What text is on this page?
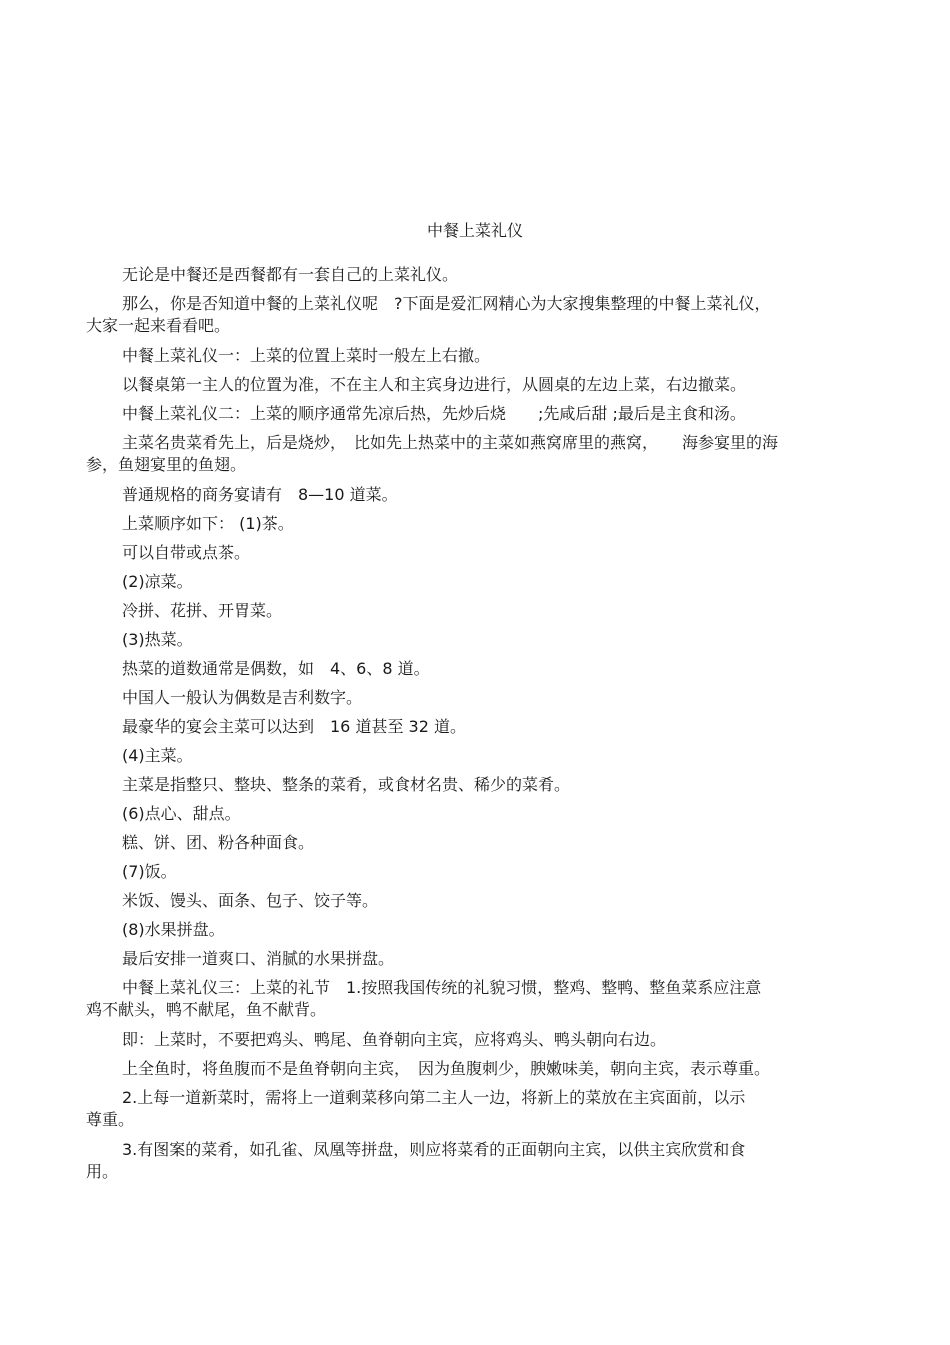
中餐上菜礼仪
无论是中餐还是西餐都有一套自己的上菜礼仪。
那么，你是否知道中餐的上菜礼仪呢　?下面是爱汇网精心为大家搜集整理的中餐上菜礼仪，
大家一起来看看吧。
中餐上菜礼仪一：上菜的位置上菜时一般左上右撤。
以餐桌第一主人的位置为准，不在主人和主宾身边进行，从圆桌的左边上菜，右边撤菜。
中餐上菜礼仪二：上菜的顺序通常先凉后热，先炒后烧　　;先咸后甜 ;最后是主食和汤。
主菜名贵菜肴先上，后是烧炒，　比如先上热菜中的主菜如燕窝席里的燕窝，　　海参宴里的海
参，鱼翅宴里的鱼翅。
普通规格的商务宴请有　8—10 道菜。
上菜顺序如下： (1)茶。
可以自带或点茶。
(2)凉菜。
冷拼、花拼、开胃菜。
(3)热菜。
热菜的道数通常是偶数，如　4、6、8 道。
中国人一般认为偶数是吉利数字。
最豪华的宴会主菜可以达到　16 道甚至 32 道。
(4)主菜。
主菜是指整只、整块、整条的菜肴，或食材名贵、稀少的菜肴。
(6)点心、甜点。
糕、饼、团、粉各种面食。
(7)饭。
米饭、馒头、面条、包子、饺子等。
(8)水果拼盘。
最后安排一道爽口、消腻的水果拼盘。
中餐上菜礼仪三：上菜的礼节　1.按照我国传统的礼貌习惯，整鸡、整鸭、整鱼菜系应注意
鸡不献头，鸭不献尾，鱼不献背。
即：上菜时，不要把鸡头、鸭尾、鱼脊朝向主宾，应将鸡头、鸭头朝向右边。
上全鱼时，将鱼腹而不是鱼脊朝向主宾，　因为鱼腹刺少，腴嫩味美，朝向主宾，表示尊重。
2.上每一道新菜时，需将上一道剩菜移向第二主人一边，将新上的菜放在主宾面前，以示
尊重。
3.有图案的菜肴，如孔雀、凤凰等拼盘，则应将菜肴的正面朝向主宾，以供主宾欣赏和食
用。
